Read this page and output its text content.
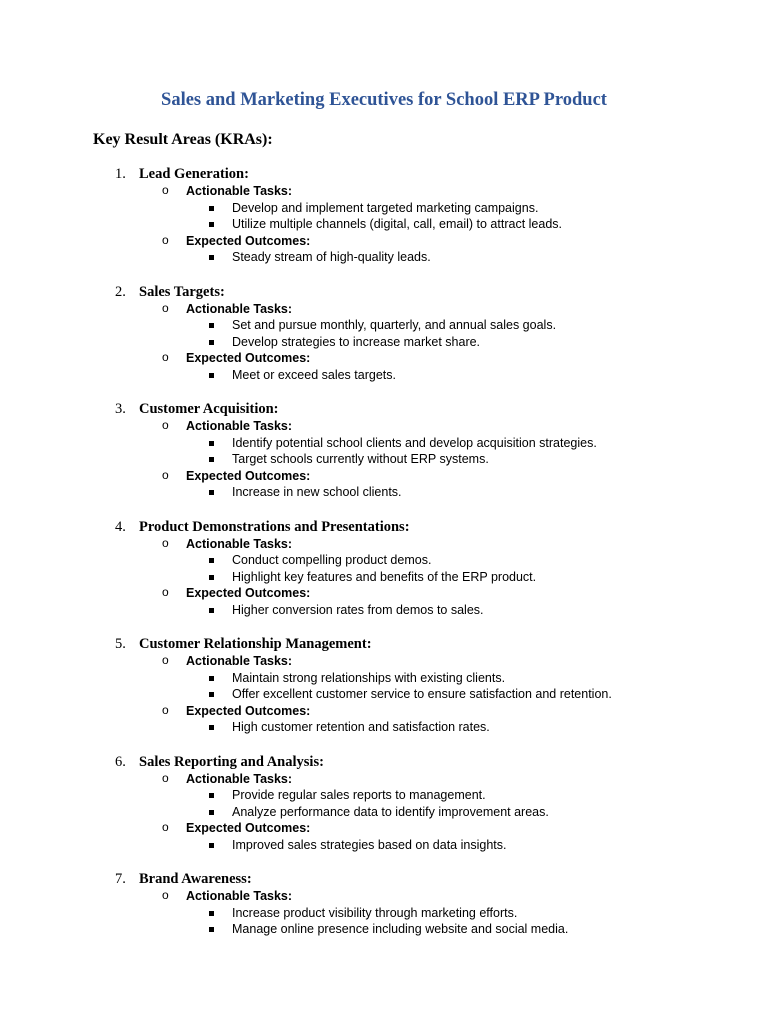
Sales and Marketing Executives for School ERP Product
Key Result Areas (KRAs):
1. Lead Generation:
o Actionable Tasks:
Develop and implement targeted marketing campaigns.
Utilize multiple channels (digital, call, email) to attract leads.
o Expected Outcomes:
Steady stream of high-quality leads.
2. Sales Targets:
o Actionable Tasks:
Set and pursue monthly, quarterly, and annual sales goals.
Develop strategies to increase market share.
o Expected Outcomes:
Meet or exceed sales targets.
3. Customer Acquisition:
o Actionable Tasks:
Identify potential school clients and develop acquisition strategies.
Target schools currently without ERP systems.
o Expected Outcomes:
Increase in new school clients.
4. Product Demonstrations and Presentations:
o Actionable Tasks:
Conduct compelling product demos.
Highlight key features and benefits of the ERP product.
o Expected Outcomes:
Higher conversion rates from demos to sales.
5. Customer Relationship Management:
o Actionable Tasks:
Maintain strong relationships with existing clients.
Offer excellent customer service to ensure satisfaction and retention.
o Expected Outcomes:
High customer retention and satisfaction rates.
6. Sales Reporting and Analysis:
o Actionable Tasks:
Provide regular sales reports to management.
Analyze performance data to identify improvement areas.
o Expected Outcomes:
Improved sales strategies based on data insights.
7. Brand Awareness:
o Actionable Tasks:
Increase product visibility through marketing efforts.
Manage online presence including website and social media.
